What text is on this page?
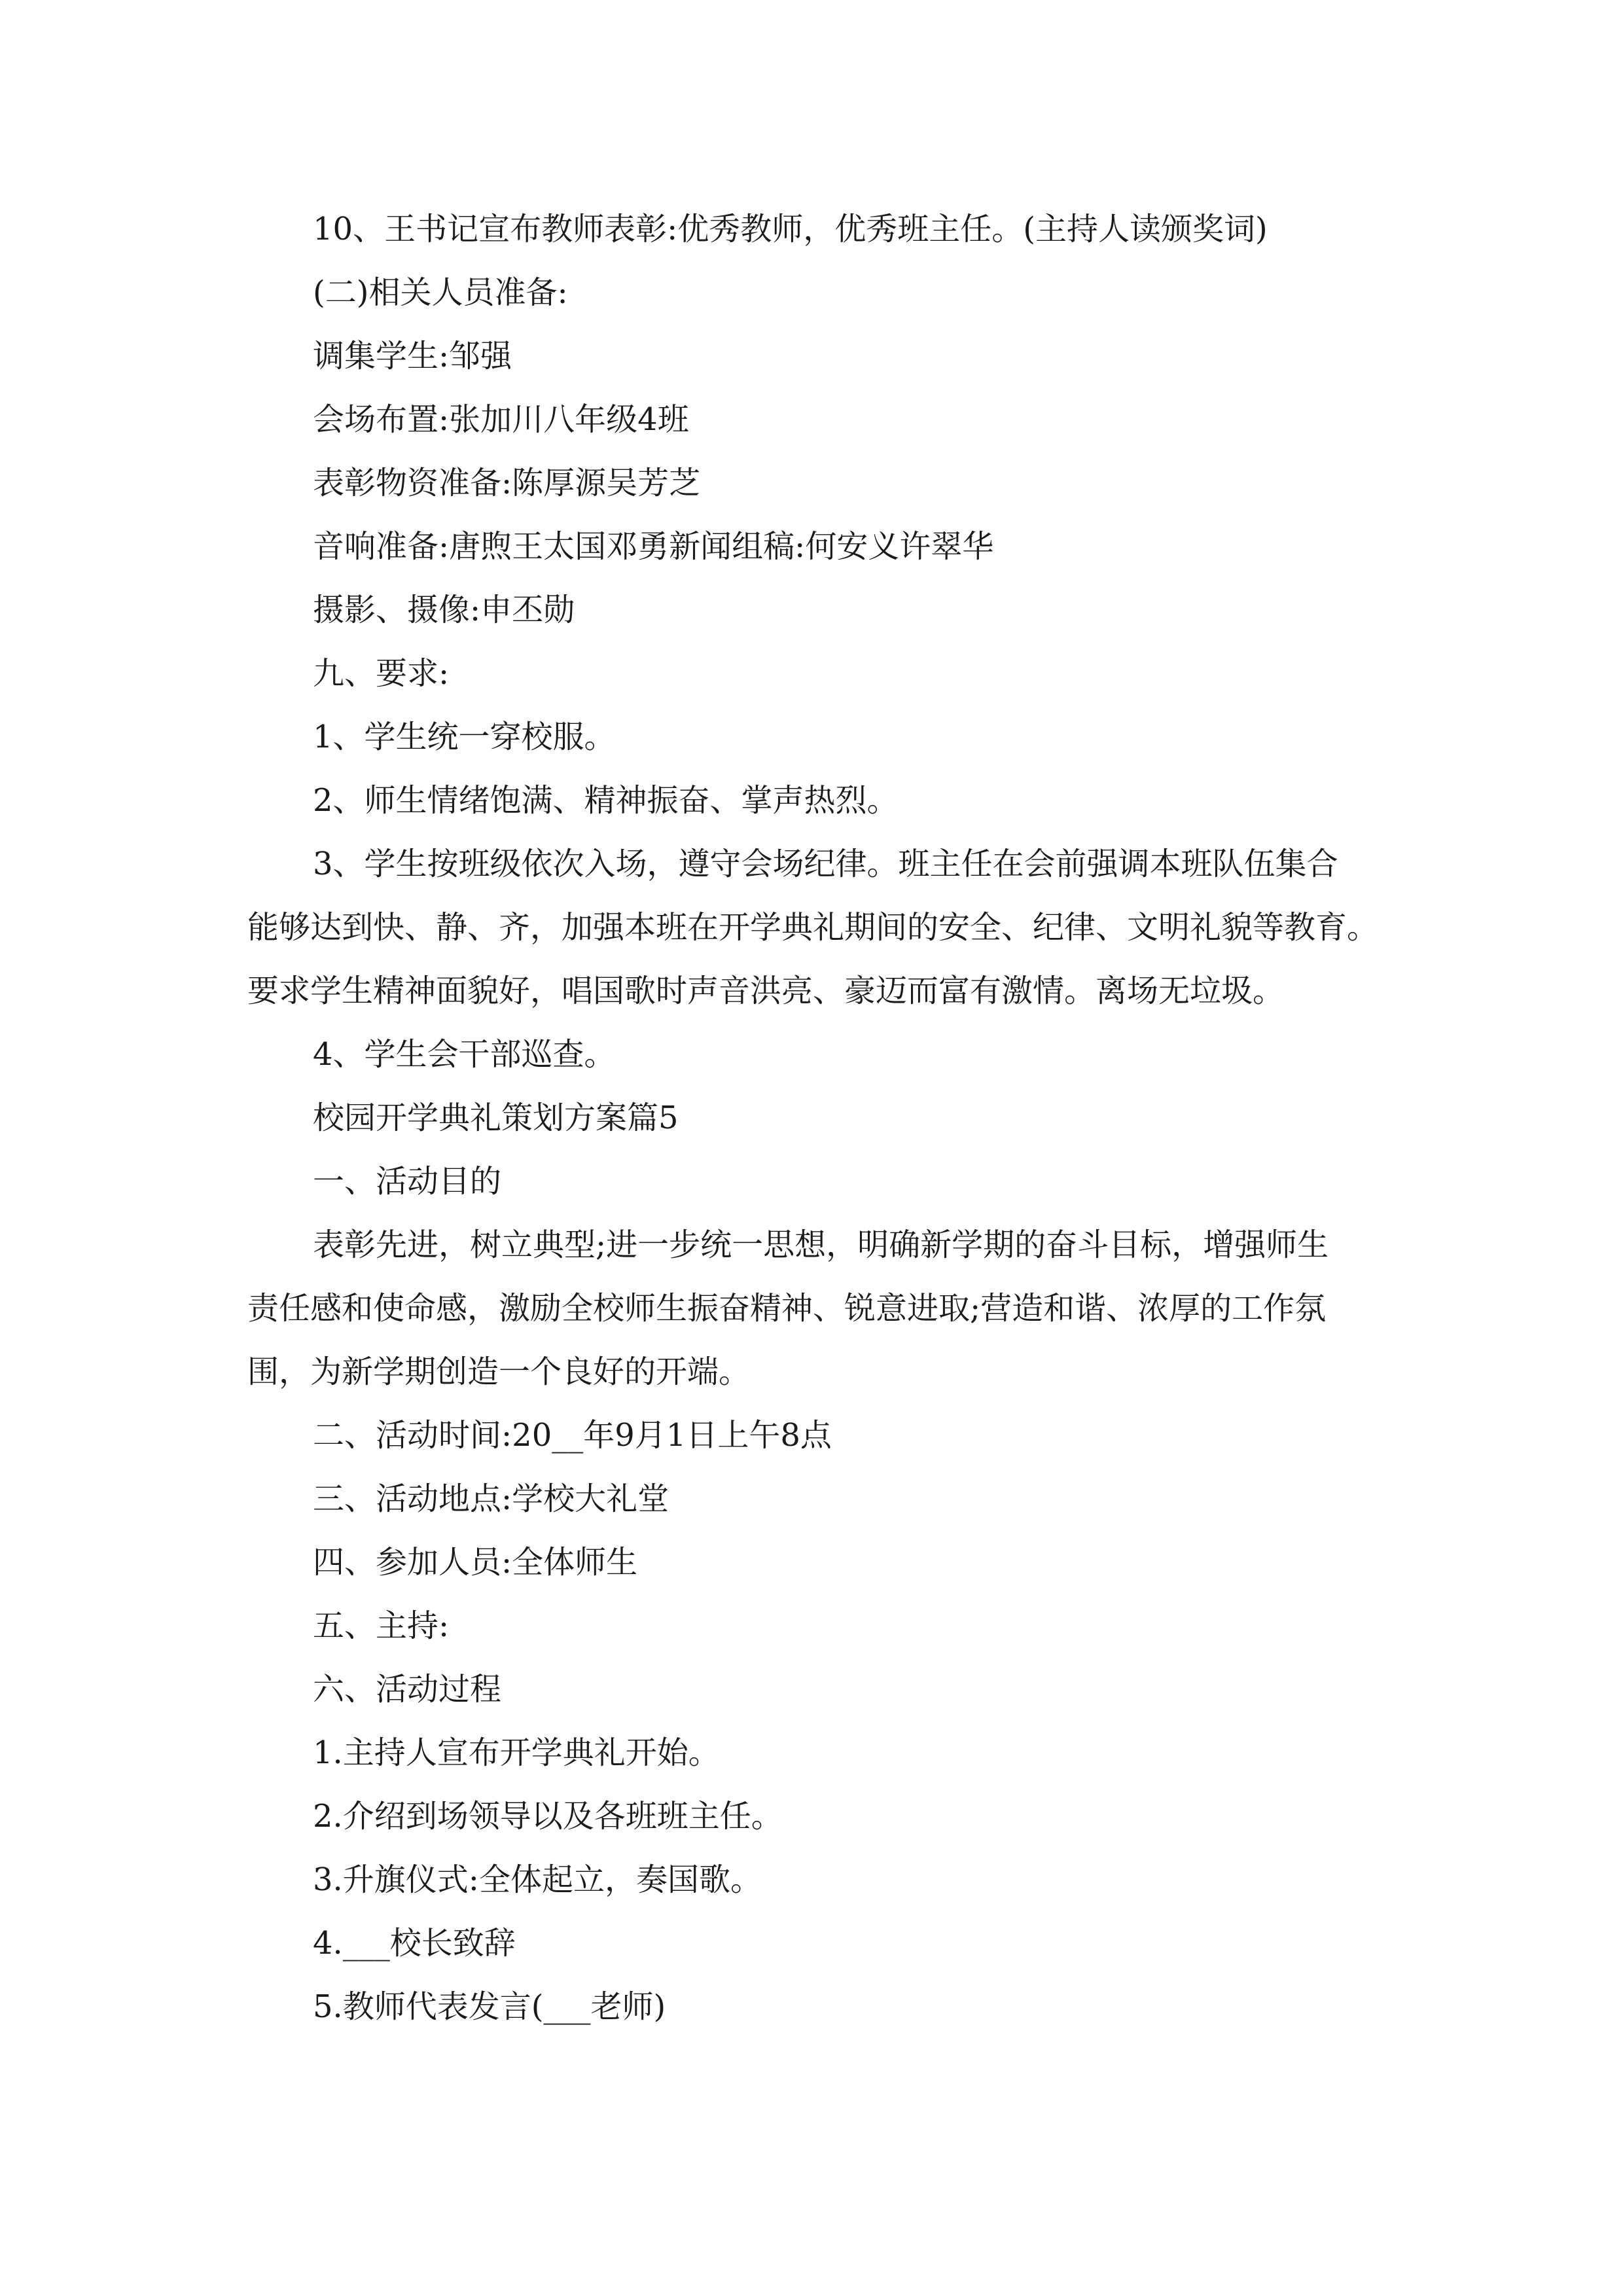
10、王书记宣布教师表彰:优秀教师，优秀班主任。(主持人读颁奖词)

(二)相关人员准备:

调集学生:邹强

会场布置:张加川八年级4班

表彰物资准备:陈厚源吴芳芝

音响准备:唐煦王太国邓勇新闻组稿:何安义许翠华

摄影、摄像:申丕勋

九、要求:

1、学生统一穿校服。

2、师生情绪饱满、精神振奋、掌声热烈。

3、学生按班级依次入场，遵守会场纪律。班主任在会前强调本班队伍集合

能够达到快、静、齐，加强本班在开学典礼期间的安全、纪律、文明礼貌等教育。

要求学生精神面貌好，唱国歌时声音洪亮、豪迈而富有激情。离场无垃圾。

4、学生会干部巡查。

校园开学典礼策划方案篇5

一、活动目的

表彰先进，树立典型;进一步统一思想，明确新学期的奋斗目标，增强师生

责任感和使命感，激励全校师生振奋精神、锐意进取;营造和谐、浓厚的工作氛

围，为新学期创造一个良好的开端。

二、活动时间:20__年9月1日上午8点

三、活动地点:学校大礼堂

四、参加人员:全体师生

五、主持:

六、活动过程

1.主持人宣布开学典礼开始。

2.介绍到场领导以及各班班主任。

3.升旗仪式:全体起立，奏国歌。

4.___校长致辞

5.教师代表发言(___老师)
